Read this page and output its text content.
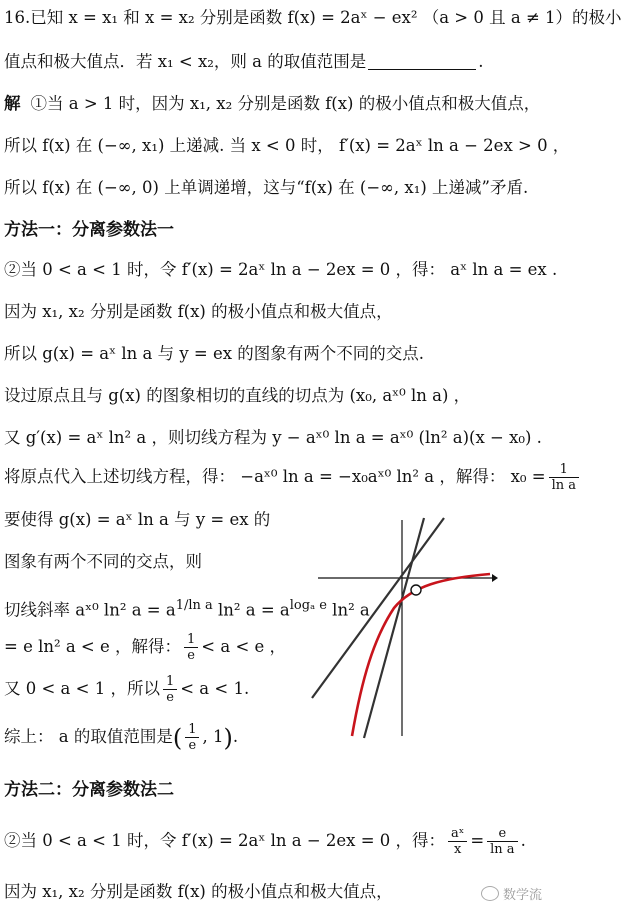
16.已知 x = x₁ 和 x = x₂ 分别是函数 f(x) = 2aˣ − ex² （a > 0 且 a ≠ 1）的极小
值点和极大值点．若 x₁ < x₂，则 a 的取值范围是	.
解 ①当 a > 1 时，因为 x₁, x₂ 分别是函数 f(x) 的极小值点和极大值点，
所以 f(x) 在 (−∞, x₁) 上递减. 当 x < 0 时， f′(x) = 2aˣ ln a − 2ex > 0 ，
所以 f(x) 在 (−∞, 0) 上单调递增，这与“f(x) 在 (−∞, x₁) 上递减”矛盾.
方法一：分离参数法一
②当 0 < a < 1 时，令 f′(x) = 2aˣ ln a − 2ex = 0 ，得： aˣ ln a = ex .
因为 x₁, x₂ 分别是函数 f(x) 的极小值点和极大值点，
所以 g(x) = aˣ ln a 与 y = ex 的图象有两个不同的交点.
设过原点且与 g(x) 的图象相切的直线的切点为 (x₀, aˣ⁰ ln a) ，
又 g′(x) = aˣ ln² a ，则切线方程为 y − aˣ⁰ ln a = aˣ⁰ (ln² a)(x − x₀) .
将原点代入上述切线方程，得： −aˣ⁰ ln a = −x₀aˣ⁰ ln² a ，解得： $x_0 = \frac{1}{\text{ln a}}$
要使得 g(x) = aˣ ln a 与 y = ex 的
图象有两个不同的交点，则
切线斜率 aˣ⁰ ln² $a = a^{1/ln a}$ ln² $a = a^{log_a e}$ ln² a
= e ln² a < e ，解得： $\frac{1}{e} < a < e$ ，
又 0 < a < 1 ，所以 $\frac{1}{e} < a < 1$.
综上： a 的取值范围是( $\frac{1}{e}$ , 1).
方法二：分离参数法二
②当 0 < a < 1 时，令 f′(x) = 2aˣ ln a − 2ex = 0 ，得： $\frac{\text{aˣ}}{x} = \frac{e}{\text{ln a}}$ .
因为 x₁, x₂ 分别是函数 f(x) 的极小值点和极大值点，	数学流
